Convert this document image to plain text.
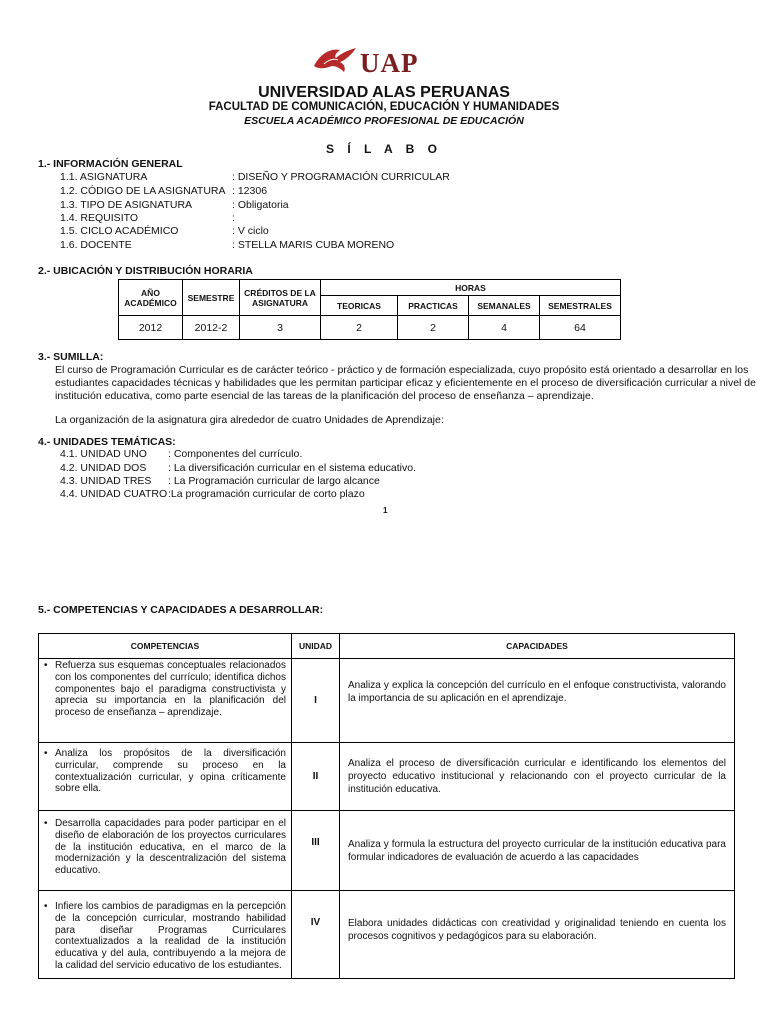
UAP
UNIVERSIDAD ALAS PERUANAS
FACULTAD DE COMUNICACIÓN, EDUCACIÓN Y HUMANIDADES
ESCUELA ACADÉMICO PROFESIONAL DE EDUCACIÓN
S Í L A B O
1.- INFORMACIÓN GENERAL
1.1. ASIGNATURA	: DISEÑO Y PROGRAMACIÓN CURRICULAR
1.2. CÓDIGO DE LA ASIGNATURA : 12306
1.3. TIPO DE ASIGNATURA	: Obligatoria
1.4. REQUISITO	:
1.5. CICLO ACADÉMICO	: V ciclo
1.6. DOCENTE	: STELLA MARIS CUBA MORENO
2.- UBICACIÓN Y DISTRIBUCIÓN HORARIA
AÑO ACADÉMICO	SEMESTRE	CRÉDITOS DE LA ASIGNATURA	HORAS			
			TEORICAS	PRACTICAS	SEMANALES	SEMESTRALES
2012	2012-2	3	2	2	4	64
3.- SUMILLA:
El curso de Programación Curricular es de carácter teórico - práctico y de formación especializada, cuyo propósito está orientado a desarrollar en los
estudiantes capacidades técnicas y habilidades que les permitan participar eficaz y eficientemente en el proceso de diversificación curricular a nivel de
institución educativa, como parte esencial de las tareas de la planificación del proceso de enseñanza – aprendizaje.
La organización de la asignatura gira alrededor de cuatro Unidades de Aprendizaje:
4.- UNIDADES TEMÁTICAS:
4.1. UNIDAD UNO : Componentes del currículo.
4.2. UNIDAD DOS : La diversificación curricular en el sistema educativo.
4.3. UNIDAD TRES : La Programación curricular de largo alcance
4.4. UNIDAD CUATRO:La programación curricular de corto plazo
1
5.- COMPETENCIAS Y CAPACIDADES A DESARROLLAR:
COMPETENCIAS	UNIDAD	CAPACIDADES

• Refuerza sus esquemas conceptuales relacionados con los componentes del currículo; identifica dichos componentes bajo el paradigma constructivista y aprecia su importancia en la planificación del proceso de enseñanza – aprendizaje.	I	Analiza y explica la concepción del currículo en el enfoque constructivista, valorando la importancia de su aplicación en el aprendizaje.

• Analiza los propósitos de la diversificación curricular, comprende su proceso en la contextualización curricular, y opina críticamente sobre ella.	II	Analiza el proceso de diversificación curricular e identificando los elementos del proyecto educativo institucional y relacionando con el proyecto curricular de la institución educativa.

• Desarrolla capacidades para poder participar en el diseño de elaboración de los proyectos curriculares de la institución educativa, en el marco de la modernización y la descentralización del sistema educativo.	III	Analiza y formula la estructura del proyecto curricular de la institución educativa para formular indicadores de evaluación de acuerdo a las capacidades

• Infiere los cambios de paradigmas en la percepción de la concepción curricular, mostrando habilidad para diseñar Programas Curriculares contextualizados a la realidad de la institución educativa y del aula, contribuyendo a la mejora de la calidad del servicio educativo de los estudiantes.	IV	Elabora unidades didácticas con creatividad y originalidad teniendo en cuenta los procesos cognitivos y pedagógicos para su elaboración.
